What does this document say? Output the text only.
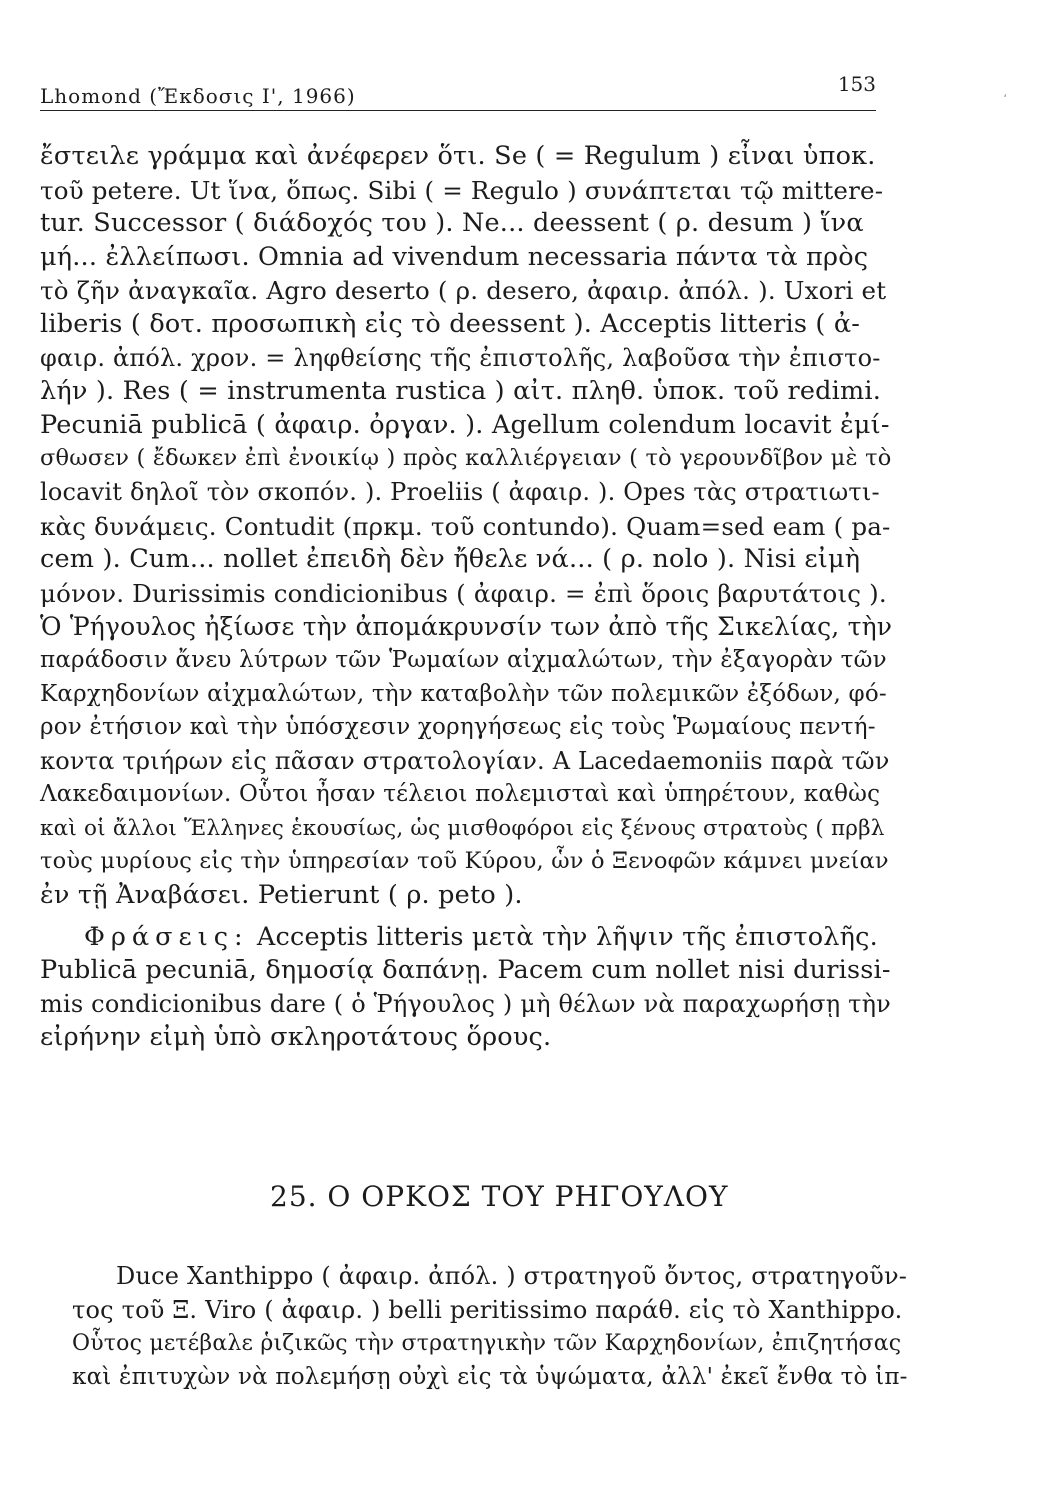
Lhomond (Ἔκδοσις Ι', 1966)	153
ʻ
ἔστειλε γράμμα καὶ ἀνέφερεν ὅτι. Se ( = Regulum ) εἶναι ὑποκ.
τοῦ petere. Ut ἵνα, ὅπως. Sibi ( = Regulo ) συνάπτεται τῷ mittere-
tur. Successor ( διάδοχός του ). Ne... deessent ( ρ. desum ) ἵνα
μή... ἐλλείπωσι. Omnia ad vivendum necessaria πάντα τὰ πρὸς
τὸ ζῆν ἀναγκαῖα. Agro deserto ( ρ. desero, ἀφαιρ. ἀπόλ. ). Uxori et
liberis ( δοτ. προσωπικὴ εἰς τὸ deessent ). Acceptis litteris ( ἀ-
φαιρ. ἀπόλ. χρον. = ληφθείσης τῆς ἐπιστολῆς, λαβοῦσα τὴν ἐπιστο-
λήν ). Res ( = instrumenta rustica ) αἰτ. πληθ. ὑποκ. τοῦ redimi.
Pecuniā publicā ( ἀφαιρ. ὀργαν. ). Agellum colendum locavit ἐμί-
σθωσεν ( ἔδωκεν ἐπὶ ἐνοικίῳ ) πρὸς καλλιέργειαν ( τὸ γερουνδῖβον μὲ τὸ
locavit δηλοῖ τὸν σκοπόν. ). Proeliis ( ἀφαιρ. ). Opes τὰς στρατιωτι-
κὰς δυνάμεις. Contudit (πρκμ. τοῦ contundo). Quam=sed eam ( pa-
cem ). Cum... nollet ἐπειδὴ δὲν ἤθελε νά... ( ρ. nolo ). Nisi εἰμὴ
μόνον. Durissimis condicionibus ( ἀφαιρ. = ἐπὶ ὅροις βαρυτάτοις ).
Ὁ Ῥήγουλος ἠξίωσε τὴν ἀπομάκρυνσίν των ἀπὸ τῆς Σικελίας, τὴν
παράδοσιν ἄνευ λύτρων τῶν Ῥωμαίων αἰχμαλώτων, τὴν ἐξαγορὰν τῶν
Καρχηδονίων αἰχμαλώτων, τὴν καταβολὴν τῶν πολεμικῶν ἐξόδων, φό-
ρον ἐτήσιον καὶ τὴν ὑπόσχεσιν χορηγήσεως εἰς τοὺς Ῥωμαίους πεντή-
κοντα τριήρων εἰς πᾶσαν στρατολογίαν. A Lacedaemoniis παρὰ τῶν
Λακεδαιμονίων. Οὗτοι ἦσαν τέλειοι πολεμισταὶ καὶ ὑπηρέτουν, καθὼς
καὶ οἱ ἄλλοι Ἕλληνες ἑκουσίως, ὡς μισθοφόροι εἰς ξένους στρατοὺς ( πρβλ
τοὺς μυρίους εἰς τὴν ὑπηρεσίαν τοῦ Κύρου, ὧν ὁ Ξενοφῶν κάμνει μνείαν
ἐν τῇ Ἀναβάσει. Petierunt ( ρ. peto ).
Φράσεις: Acceptis litteris μετὰ τὴν λῆψιν τῆς ἐπιστολῆς.
Publicā pecuniā, δημοσίᾳ δαπάνῃ. Pacem cum nollet nisi durissi-
mis condicionibus dare ( ὁ Ῥήγουλος ) μὴ θέλων νὰ παραχωρήσῃ τὴν
εἰρήνην εἰμὴ ὑπὸ σκληροτάτους ὅρους.
25. Ο ΟΡΚΟΣ ΤΟΥ ΡΗΓΟΥΛΟΥ
Duce Xanthippo ( ἀφαιρ. ἀπόλ. ) στρατηγοῦ ὄντος, στρατηγοῦν-
τος τοῦ Ξ. Viro ( ἀφαιρ. ) belli peritissimo παράθ. εἰς τὸ Xanthippo.
Οὗτος μετέβαλε ῥιζικῶς τὴν στρατηγικὴν τῶν Καρχηδονίων, ἐπιζητήσας
καὶ ἐπιτυχὼν νὰ πολεμήσῃ οὐχὶ εἰς τὰ ὑψώματα, ἀλλ' ἐκεῖ ἔνθα τὸ ἱπ-
